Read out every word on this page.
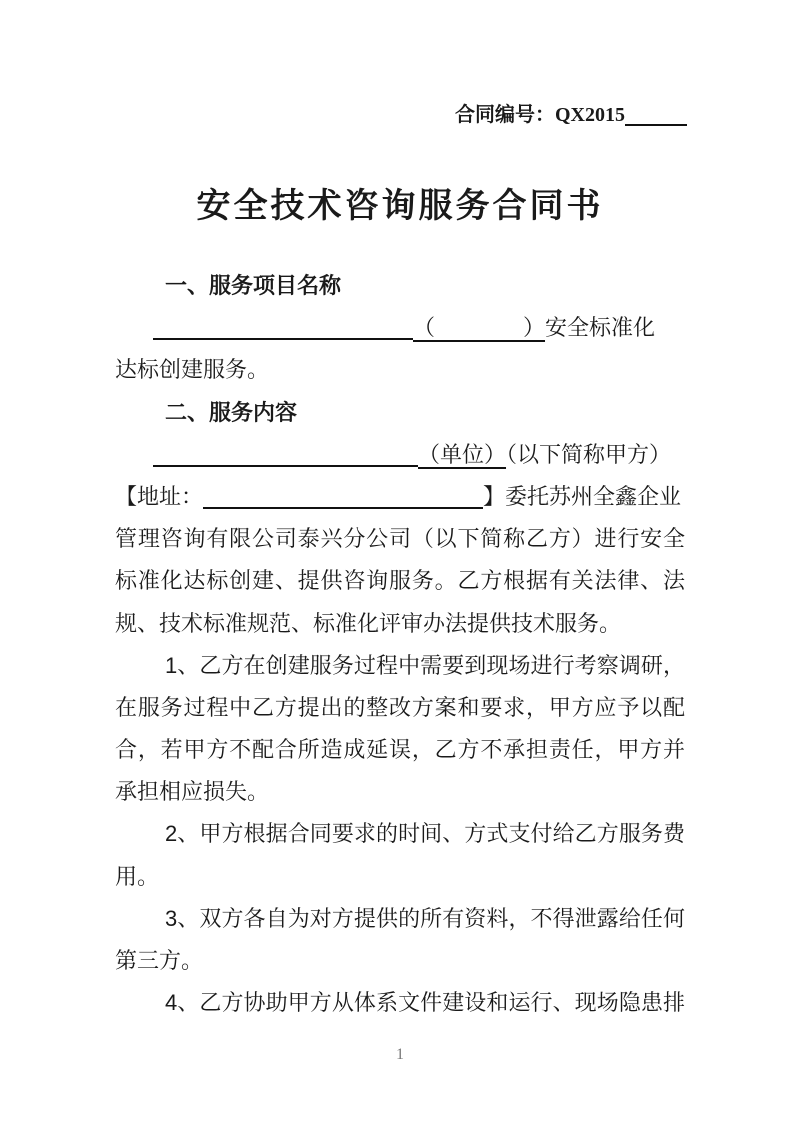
合同编号：QX2015
安全技术咨询服务合同书
一、服务项目名称
（　　　　）安全标准化
达标创建服务。
二、服务内容
（单位）（以下简称甲方）
【地址：	】委托苏州全鑫企业
管理咨询有限公司泰兴分公司（以下简称乙方）进行安全
标准化达标创建、提供咨询服务。乙方根据有关法律、法
规、技术标准规范、标准化评审办法提供技术服务。
1、乙方在创建服务过程中需要到现场进行考察调研，
在服务过程中乙方提出的整改方案和要求，甲方应予以配
合，若甲方不配合所造成延误，乙方不承担责任，甲方并
承担相应损失。
2、甲方根据合同要求的时间、方式支付给乙方服务费
用。
3、双方各自为对方提供的所有资料，不得泄露给任何
第三方。
4、乙方协助甲方从体系文件建设和运行、现场隐患排
1
